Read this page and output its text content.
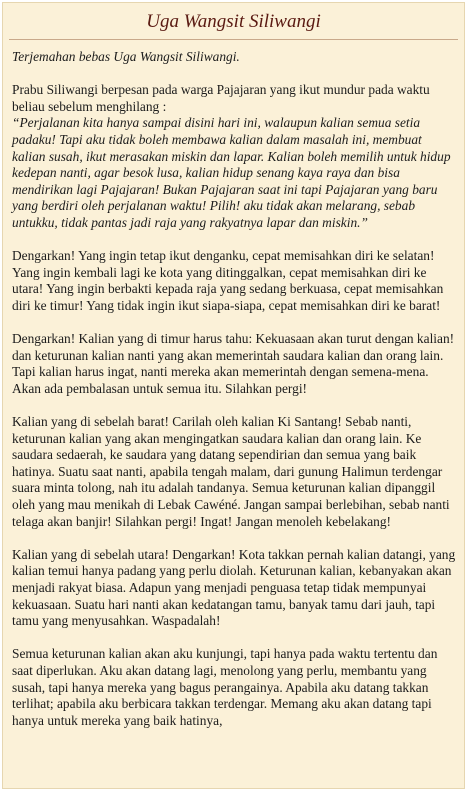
Uga Wangsit Siliwangi

Terjemahan bebas Uga Wangsit Siliwangi.

Prabu Siliwangi berpesan pada warga Pajajaran yang ikut mundur pada waktu beliau sebelum menghilang :
“Perjalanan kita hanya sampai disini hari ini, walaupun kalian semua setia padaku! Tapi aku tidak boleh membawa kalian dalam masalah ini, membuat kalian susah, ikut merasakan miskin dan lapar. Kalian boleh memilih untuk hidup kedepan nanti, agar besok lusa, kalian hidup senang kaya raya dan bisa mendirikan lagi Pajajaran! Bukan Pajajaran saat ini tapi Pajajaran yang baru yang berdiri oleh perjalanan waktu! Pilih! aku tidak akan melarang, sebab untukku, tidak pantas jadi raja yang rakyatnya lapar dan miskin.”

Dengarkan! Yang ingin tetap ikut denganku, cepat memisahkan diri ke selatan! Yang ingin kembali lagi ke kota yang ditinggalkan, cepat memisahkan diri ke utara! Yang ingin berbakti kepada raja yang sedang berkuasa, cepat memisahkan diri ke timur! Yang tidak ingin ikut siapa-siapa, cepat memisahkan diri ke barat!

Dengarkan! Kalian yang di timur harus tahu: Kekuasaan akan turut dengan kalian! dan keturunan kalian nanti yang akan memerintah saudara kalian dan orang lain. Tapi kalian harus ingat, nanti mereka akan memerintah dengan semena-mena. Akan ada pembalasan untuk semua itu. Silahkan pergi!

Kalian yang di sebelah barat! Carilah oleh kalian Ki Santang! Sebab nanti, keturunan kalian yang akan mengingatkan saudara kalian dan orang lain. Ke saudara sedaerah, ke saudara yang datang sependirian dan semua yang baik hatinya. Suatu saat nanti, apabila tengah malam, dari gunung Halimun terdengar suara minta tolong, nah itu adalah tandanya. Semua keturunan kalian dipanggil oleh yang mau menikah di Lebak Cawéné. Jangan sampai berlebihan, sebab nanti telaga akan banjir! Silahkan pergi! Ingat! Jangan menoleh kebelakang!

Kalian yang di sebelah utara! Dengarkan! Kota takkan pernah kalian datangi, yang kalian temui hanya padang yang perlu diolah. Keturunan kalian, kebanyakan akan menjadi rakyat biasa. Adapun yang menjadi penguasa tetap tidak mempunyai kekuasaan. Suatu hari nanti akan kedatangan tamu, banyak tamu dari jauh, tapi tamu yang menyusahkan. Waspadalah!

Semua keturunan kalian akan aku kunjungi, tapi hanya pada waktu tertentu dan saat diperlukan. Aku akan datang lagi, menolong yang perlu, membantu yang susah, tapi hanya mereka yang bagus perangainya. Apabila aku datang takkan terlihat; apabila aku berbicara takkan terdengar. Memang aku akan datang tapi hanya untuk mereka yang baik hatinya,
